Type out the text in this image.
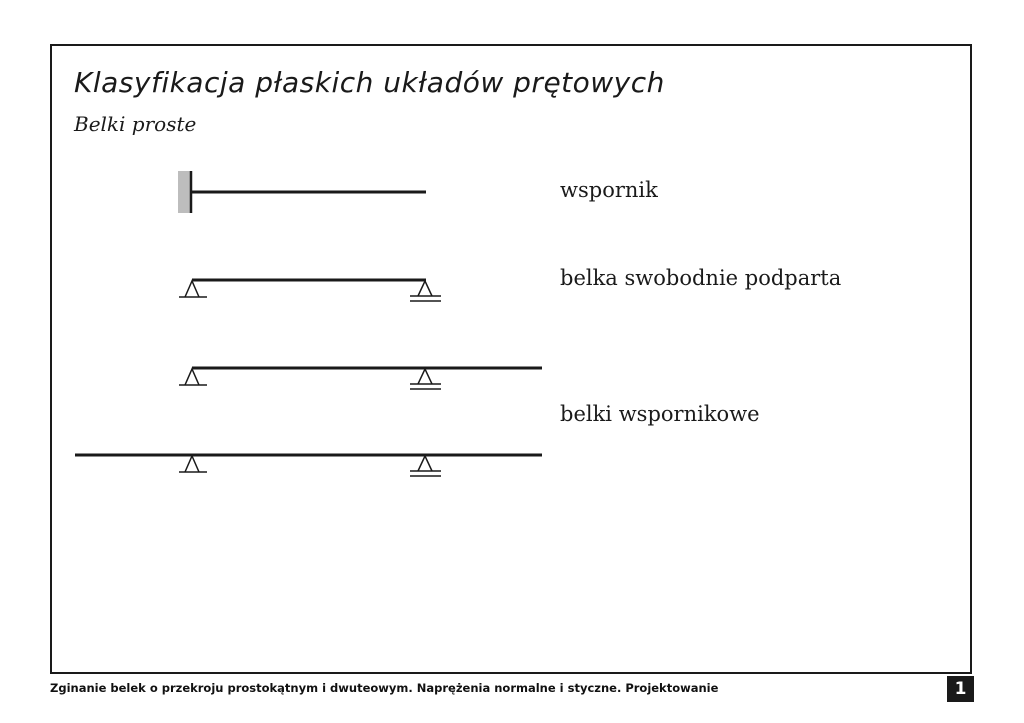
Klasyfikacja płaskich układów prętowych

Belki proste

wspornik
belka swobodnie podparta
belki wspornikowe
Zginanie belek o przekroju prostokątnym i dwuteowym. Naprężenia normalne i styczne. Projektowanie	1
